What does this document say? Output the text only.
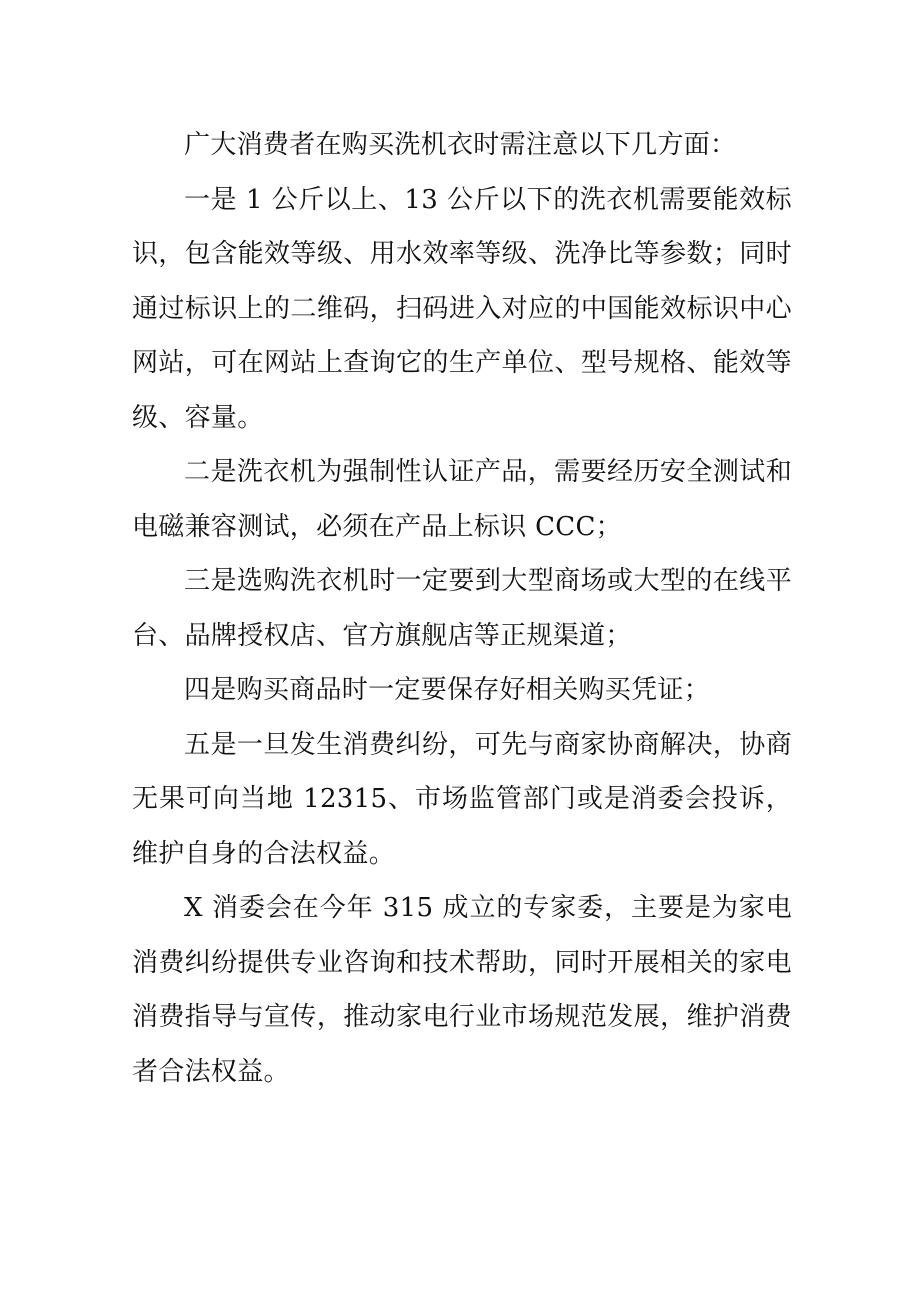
广大消费者在购买洗机衣时需注意以下几方面：

一是 1 公斤以上、13 公斤以下的洗衣机需要能效标识，包含能效等级、用水效率等级、洗净比等参数；同时通过标识上的二维码，扫码进入对应的中国能效标识中心网站，可在网站上查询它的生产单位、型号规格、能效等级、容量。

二是洗衣机为强制性认证产品，需要经历安全测试和电磁兼容测试，必须在产品上标识 CCC；

三是选购洗衣机时一定要到大型商场或大型的在线平台、品牌授权店、官方旗舰店等正规渠道；

四是购买商品时一定要保存好相关购买凭证；

五是一旦发生消费纠纷，可先与商家协商解决，协商无果可向当地 12315、市场监管部门或是消委会投诉，维护自身的合法权益。

X 消委会在今年 315 成立的专家委，主要是为家电消费纠纷提供专业咨询和技术帮助，同时开展相关的家电消费指导与宣传，推动家电行业市场规范发展，维护消费者合法权益。
